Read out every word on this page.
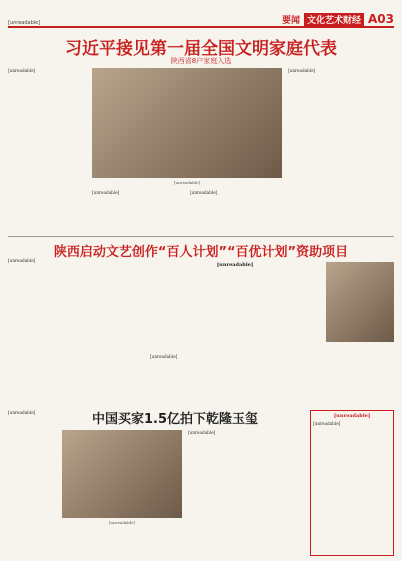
[unreadable]	要闻 文化艺术财经 A03
习近平接见第一届全国文明家庭代表
陕西省8户家庭入选
[unreadable]
[unreadable]
[unreadable]	[unreadable]
[unreadable]
陕西启动文艺创作“百人计划”“百优计划”资助项目
[unreadable]
[unreadable]
[unreadable]
中国买家1.5亿拍下乾隆玉玺
[unreadable]
[unreadable]
[unreadable]
[unreadable]
[unreadable]
